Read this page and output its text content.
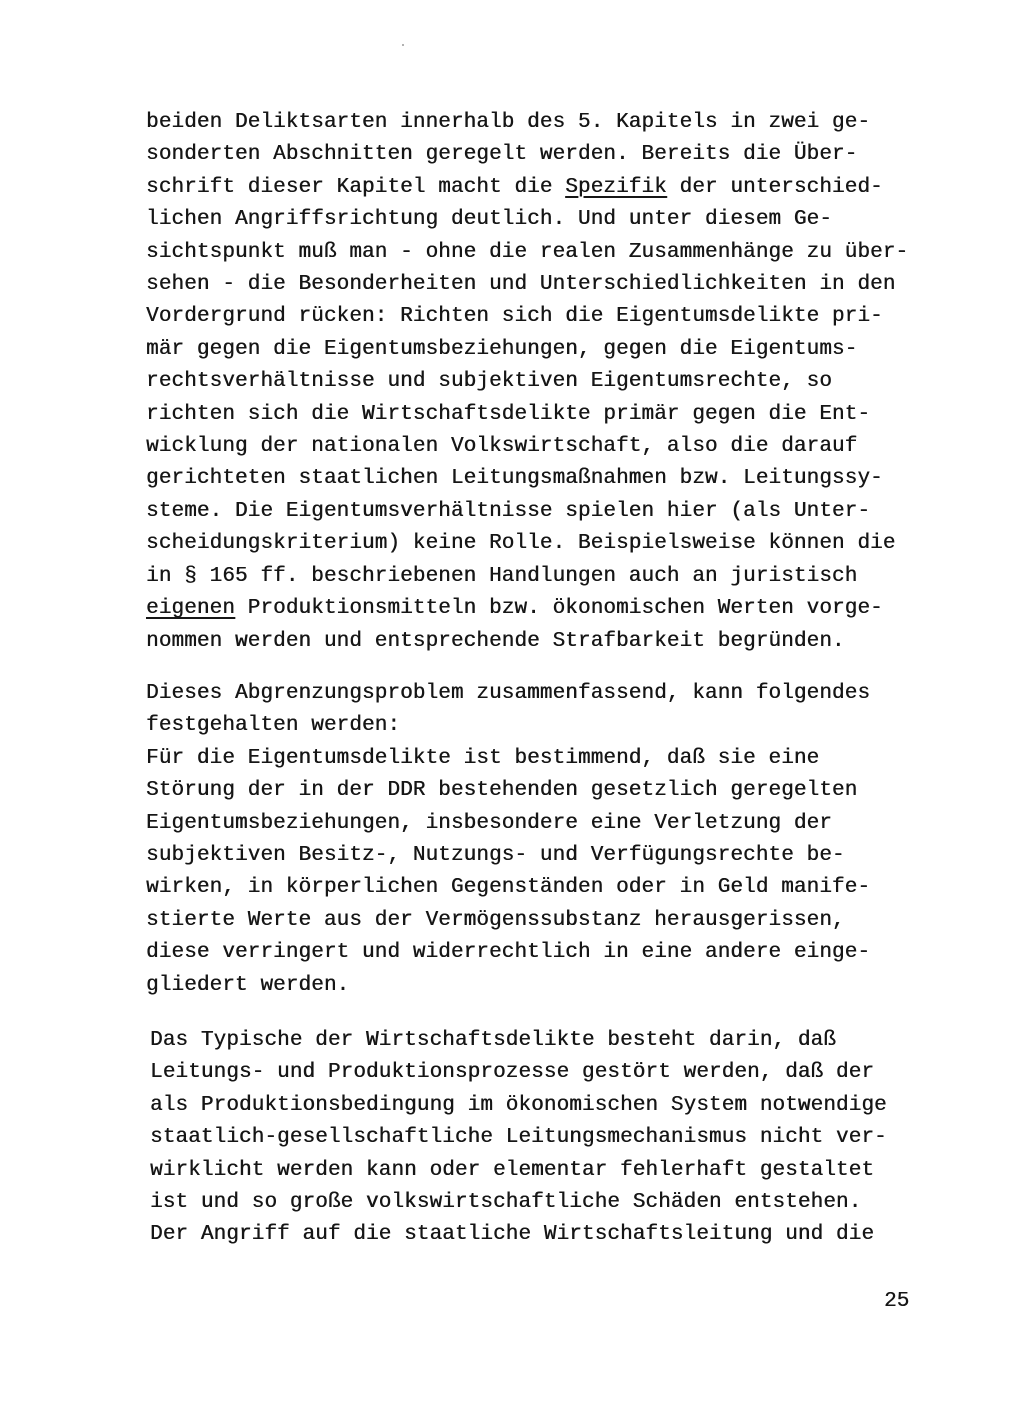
beiden Deliktsarten innerhalb des 5. Kapitels in zwei ge-
sonderten Abschnitten geregelt werden. Bereits die Über-
schrift dieser Kapitel macht die Spezifik der unterschied-
lichen Angriffsrichtung deutlich. Und unter diesem Ge-
sichtspunkt muß man - ohne die realen Zusammenhänge zu über-
sehen - die Besonderheiten und Unterschiedlichkeiten in den
Vordergrund rücken: Richten sich die Eigentumsdelikte pri-
mär gegen die Eigentumsbeziehungen, gegen die Eigentums-
rechtsverhältnisse und subjektiven Eigentumsrechte, so
richten sich die Wirtschaftsdelikte primär gegen die Ent-
wicklung der nationalen Volkswirtschaft, also die darauf
gerichteten staatlichen Leitungsmaßnahmen bzw. Leitungssy-
steme. Die Eigentumsverhältnisse spielen hier (als Unter-
scheidungskriterium) keine Rolle. Beispielsweise können die
in § 165 ff. beschriebenen Handlungen auch an juristisch
eigenen Produktionsmitteln bzw. ökonomischen Werten vorge-
nommen werden und entsprechende Strafbarkeit begründen.

Dieses Abgrenzungsproblem zusammenfassend, kann folgendes
festgehalten werden:
Für die Eigentumsdelikte ist bestimmend, daß sie eine
Störung der in der DDR bestehenden gesetzlich geregelten
Eigentumsbeziehungen, insbesondere eine Verletzung der
subjektiven Besitz-, Nutzungs- und Verfügungsrechte be-
wirken, in körperlichen Gegenständen oder in Geld manife-
stierte Werte aus der Vermögenssubstanz herausgerissen,
diese verringert und widerrechtlich in eine andere einge-
gliedert werden.

Das Typische der Wirtschaftsdelikte besteht darin, daß
Leitungs- und Produktionsprozesse gestört werden, daß der
als Produktionsbedingung im ökonomischen System notwendige
staatlich-gesellschaftliche Leitungsmechanismus nicht ver-
wirklicht werden kann oder elementar fehlerhaft gestaltet
ist und so große volkswirtschaftliche Schäden entstehen.
Der Angriff auf die staatliche Wirtschaftsleitung und die

25
